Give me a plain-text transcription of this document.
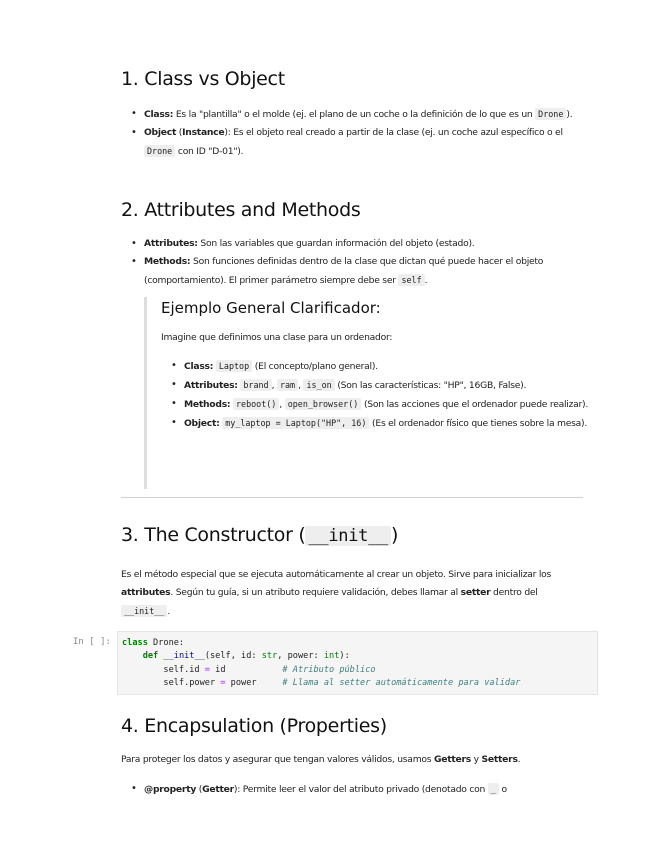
1. Class vs Object
• Class: Es la "plantilla" o el molde (ej. el plano de un coche o la definición de lo que es un Drone ).
• Object (Instance): Es el objeto real creado a partir de la clase (ej. un coche azul específico o el Drone con ID "D-01").
2. Attributes and Methods
• Attributes: Son las variables que guardan información del objeto (estado).
• Methods: Son funciones definidas dentro de la clase que dictan qué puede hacer el objeto (comportamiento). El primer parámetro siempre debe ser self .
Ejemplo General Clarificador:

Imagine que definimos una clase para un ordenador:

• Class: Laptop (El concepto/plano general).
• Attributes: brand , ram , is_on (Son las características: "HP", 16GB, False).
• Methods: reboot() , open_browser() (Son las acciones que el ordenador puede realizar).
• Object: my_laptop = Laptop("HP", 16) (Es el ordenador físico que tienes sobre la mesa).
3. The Constructor ( __init__ )

Es el método especial que se ejecuta automáticamente al crear un objeto. Sirve para inicializar los attributes. Según tu guía, si un atributo requiere validación, debes llamar al setter dentro del __init__ .

4. Encapsulation (Properties)

Para proteger los datos y asegurar que tengan valores válidos, usamos Getters y Setters.

• @property (Getter): Permite leer el valor del atributo privado (denotado con _ o
In [ ]:	class Drone:
def __init__(self, id: str, power: int):
self.id = id           # Atributo público
self.power = power     # Llama al setter automáticamente para validar
